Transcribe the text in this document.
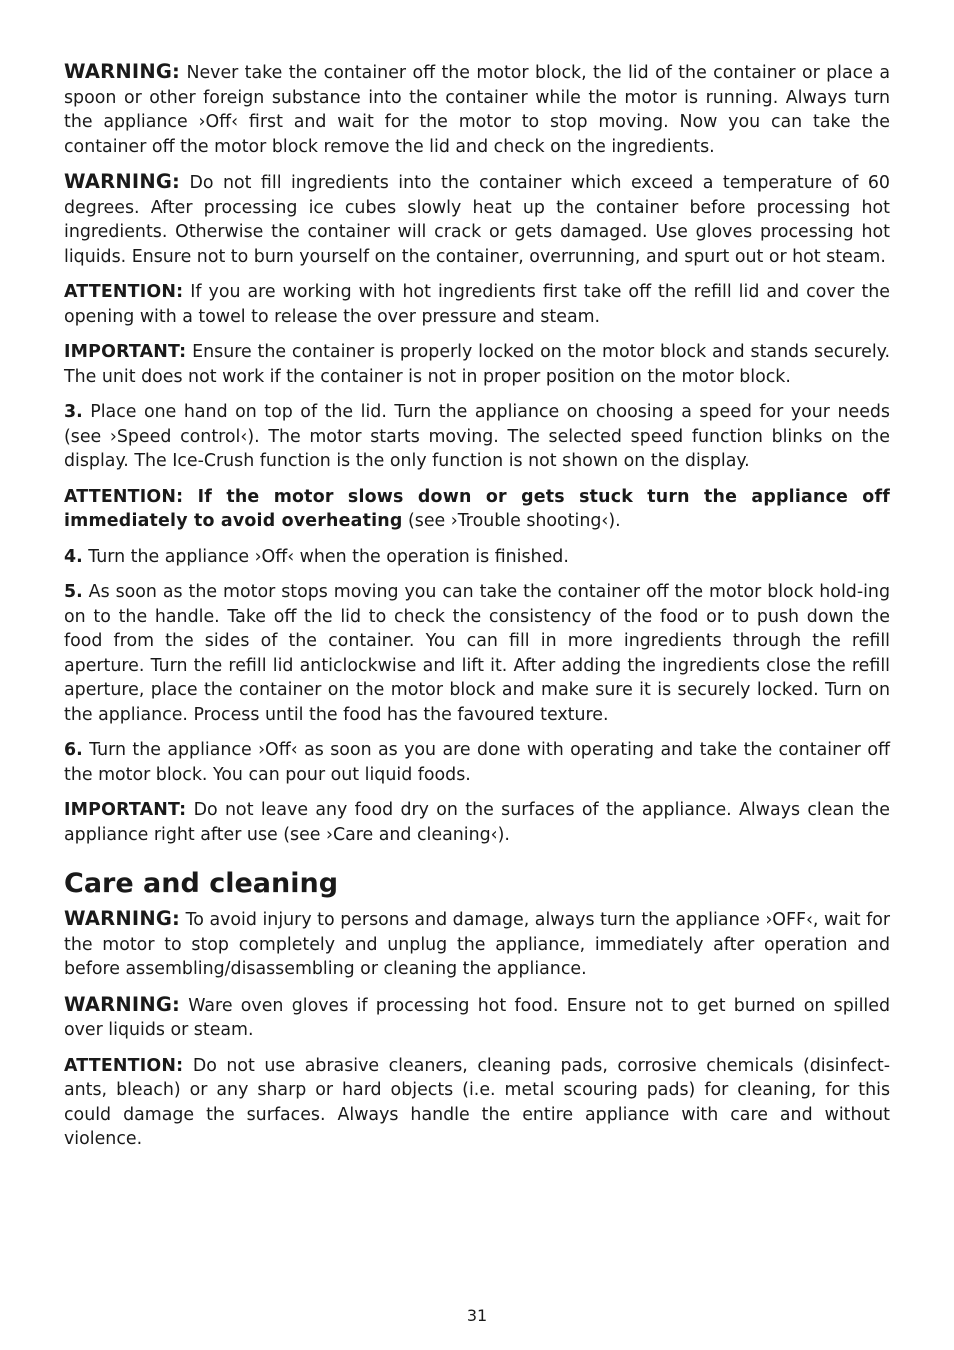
WARNING: Never take the container off the motor block, the lid of the container or place a spoon or other foreign substance into the container while the motor is running. Always turn the appliance ›Off‹ first and wait for the motor to stop moving. Now you can take the container off the motor block remove the lid and check on the ingredients.

WARNING: Do not fill ingredients into the container which exceed a temperature of 60 degrees. After processing ice cubes slowly heat up the container before processing hot ingredients. Otherwise the container will crack or gets damaged. Use gloves processing hot liquids. Ensure not to burn yourself on the container, overrunning, and spurt out or hot steam.

ATTENTION: If you are working with hot ingredients first take off the refill lid and cover the opening with a towel to release the over pressure and steam.

IMPORTANT: Ensure the container is properly locked on the motor block and stands securely. The unit does not work if the container is not in proper position on the motor block.

3. Place one hand on top of the lid. Turn the appliance on choosing a speed for your needs (see ›Speed control‹). The motor starts moving. The selected speed function blinks on the display. The Ice-Crush function is the only function is not shown on the display.

ATTENTION: If the motor slows down or gets stuck turn the appliance off immediately to avoid overheating (see ›Trouble shooting‹).

4. Turn the appliance ›Off‹ when the operation is finished.

5. As soon as the motor stops moving you can take the container off the motor block hold-ing on to the handle. Take off the lid to check the consistency of the food or to push down the food from the sides of the container. You can fill in more ingredients through the refill aperture. Turn the refill lid anticlockwise and lift it. After adding the ingredients close the refill aperture, place the container on the motor block and make sure it is securely locked. Turn on the appliance. Process until the food has the favoured texture.

6. Turn the appliance ›Off‹ as soon as you are done with operating and take the container off the motor block. You can pour out liquid foods.

IMPORTANT: Do not leave any food dry on the surfaces of the appliance. Always clean the appliance right after use (see ›Care and cleaning‹).

Care and cleaning

WARNING: To avoid injury to persons and damage, always turn the appliance ›OFF‹, wait for the motor to stop completely and unplug the appliance, immediately after operation and before assembling/disassembling or cleaning the appliance.

WARNING: Ware oven gloves if processing hot food. Ensure not to get burned on spilled over liquids or steam.

ATTENTION: Do not use abrasive cleaners, cleaning pads, corrosive chemicals (disinfect-ants, bleach) or any sharp or hard objects (i.e. metal scouring pads) for cleaning, for this could damage the surfaces. Always handle the entire appliance with care and without violence.

31
